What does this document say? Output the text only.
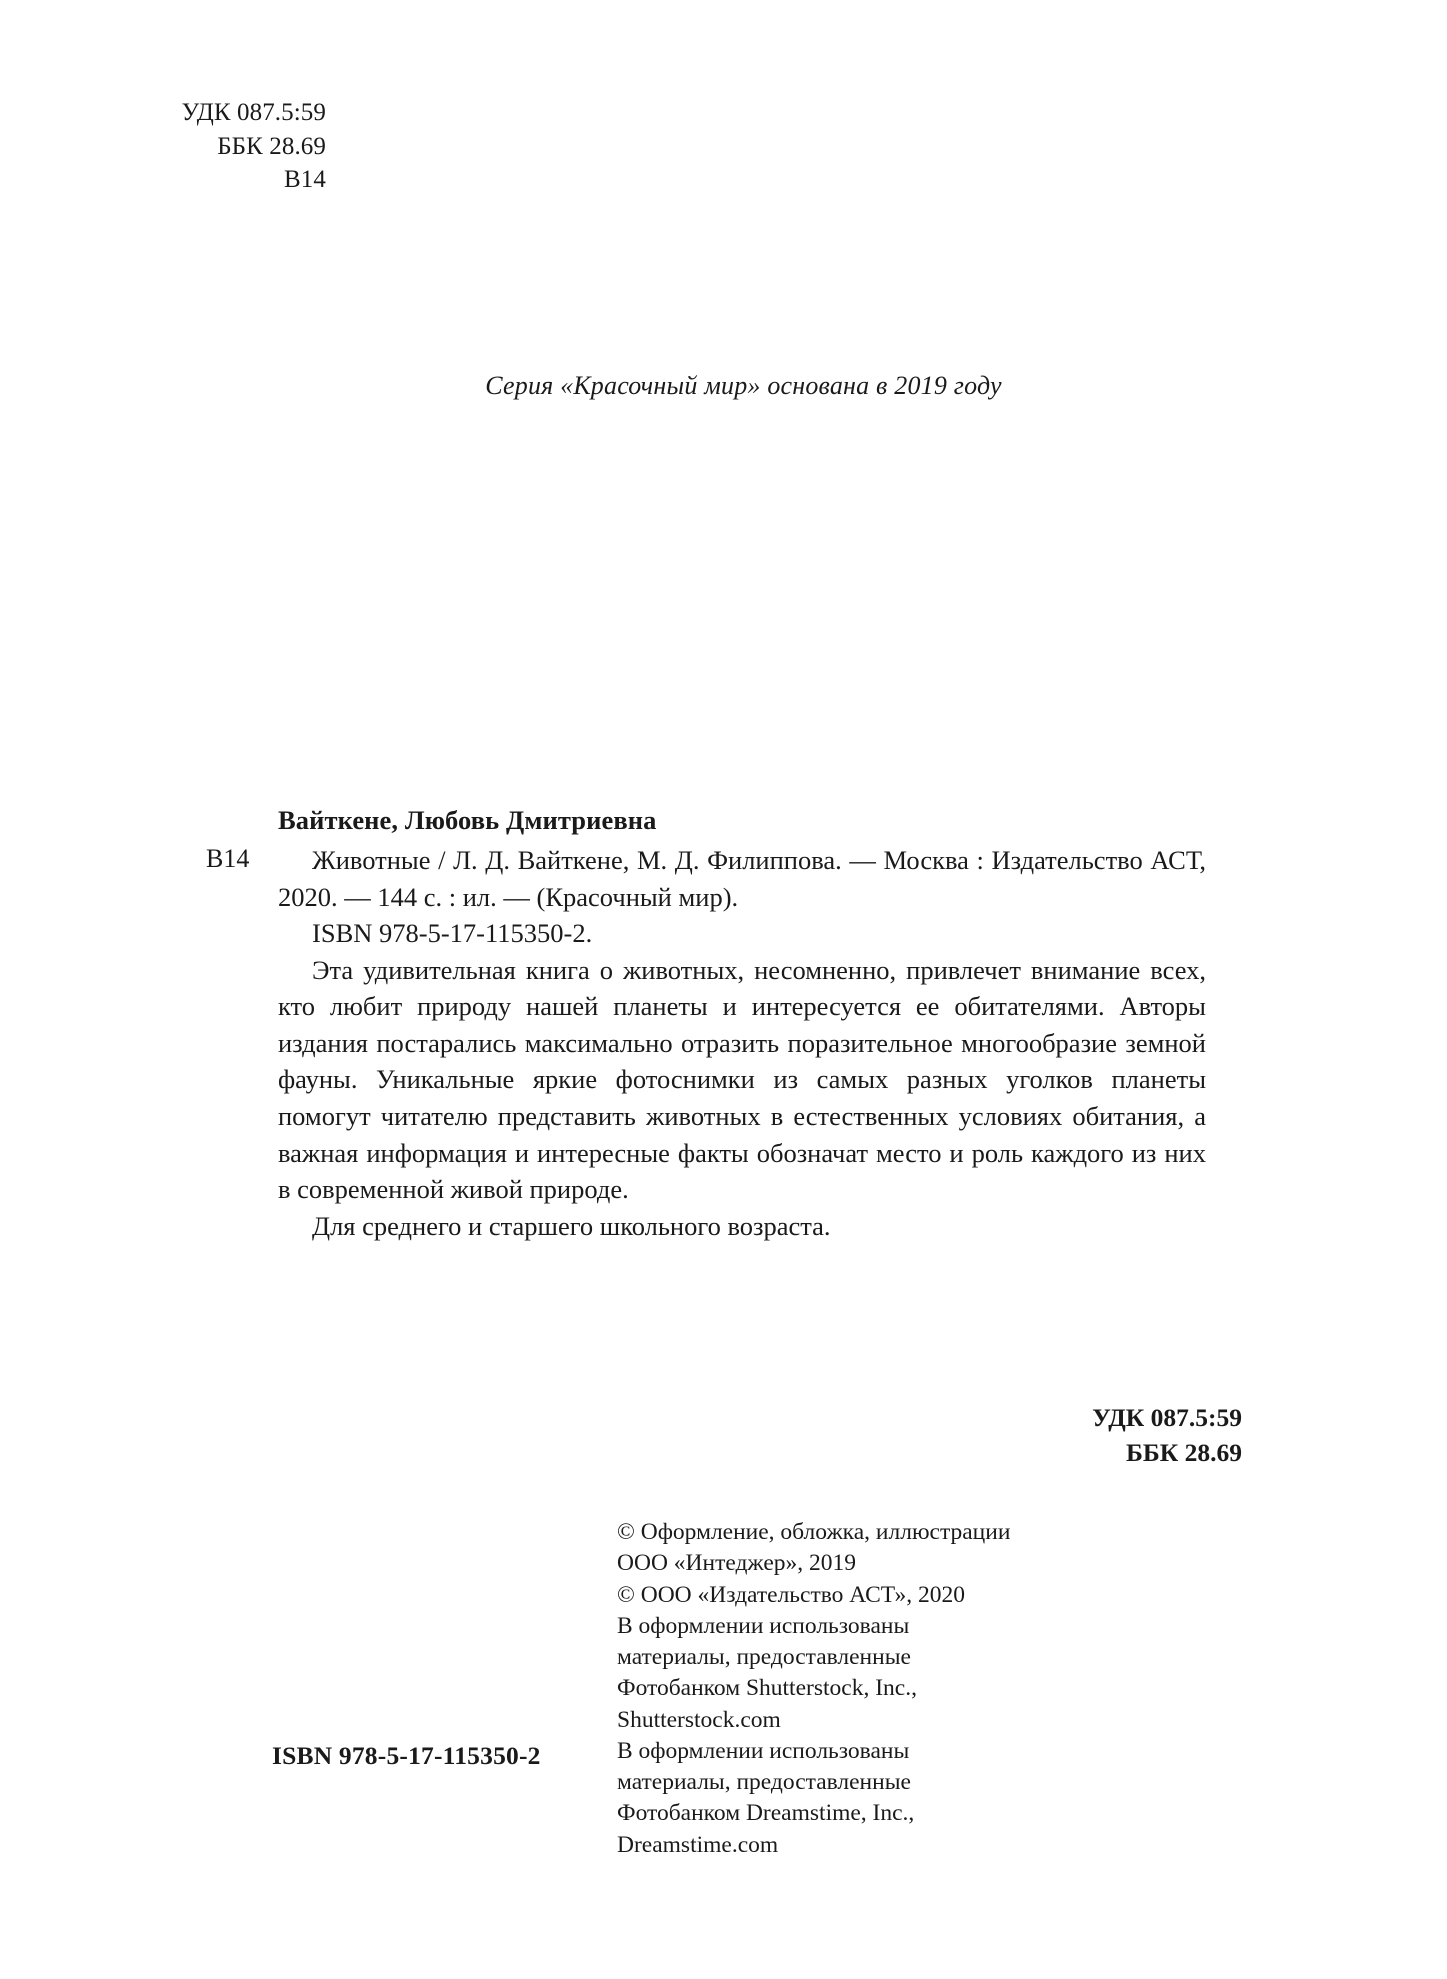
УДК 087.5:59
ББК 28.69
В14
Серия «Красочный мир» основана в 2019 году
Вайткене, Любовь Дмитриевна
В14	Животные / Л. Д. Вайткене, М. Д. Филиппова. — Москва : Издательство АСТ, 2020. — 144 с. : ил. — (Красочный мир).

ISBN 978-5-17-115350-2.

Эта удивительная книга о животных, несомненно, привлечет внимание всех, кто любит природу нашей планеты и интересуется ее обитателями. Авторы издания постарались максимально отразить поразительное многообразие земной фауны. Уникальные яркие фотоснимки из самых разных уголков планеты помогут читателю представить животных в естественных условиях обитания, а важная информация и интересные факты обозначат место и роль каждого из них в современной живой природе.

Для среднего и старшего школьного возраста.

УДК 087.5:59
ББК 28.69
© Оформление, обложка, иллюстрации
ООО «Интеджер», 2019
© ООО «Издательство АСТ», 2020
В оформлении использованы
материалы, предоставленные
Фотобанком Shutterstock, Inc.,
Shutterstock.com
В оформлении использованы
материалы, предоставленные
Фотобанком Dreamstime, Inc.,
Dreamstime.com
ISBN 978-5-17-115350-2
